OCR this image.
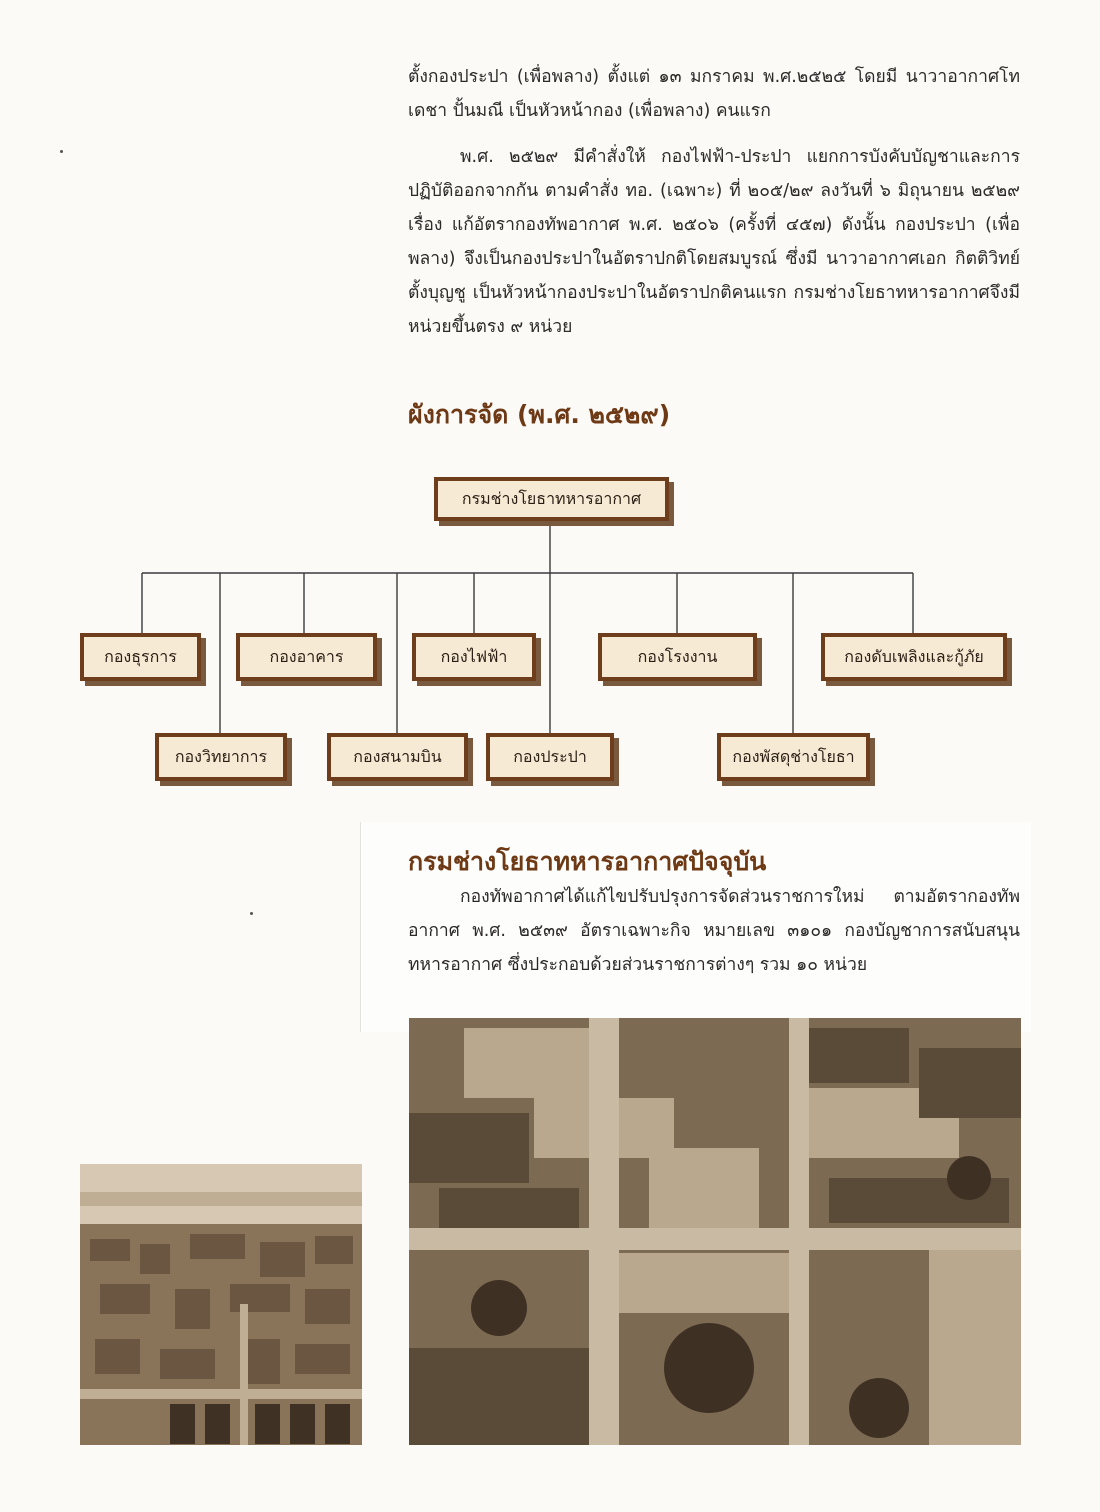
ตั้งกองประปา (เพื่อพลาง) ตั้งแต่ ๑๓ มกราคม พ.ศ.๒๕๒๕ โดยมี นาวาอากาศโท เดชา ปั้นมณี เป็นหัวหน้ากอง (เพื่อพลาง) คนแรก

พ.ศ. ๒๕๒๙ มีคำสั่งให้ กองไฟฟ้า-ประปา แยกการบังคับบัญชาและการปฏิบัติออกจากกัน ตามคำสั่ง ทอ. (เฉพาะ) ที่ ๒๐๕/๒๙ ลงวันที่ ๖ มิถุนายน ๒๕๒๙ เรื่อง แก้อัตรากองทัพอากาศ พ.ศ. ๒๕๐๖ (ครั้งที่ ๔๕๗) ดังนั้น กองประปา (เพื่อพลาง) จึงเป็นกองประปาในอัตราปกติโดยสมบูรณ์ ซึ่งมี นาวาอากาศเอก กิตติวิทย์ ตั้งบุญชู เป็นหัวหน้ากองประปาในอัตราปกติคนแรก กรมช่างโยธาทหารอากาศจึงมีหน่วยขึ้นตรง ๙ หน่วย

ผังการจัด (พ.ศ. ๒๕๒๙)
กรมช่างโยธาทหารอากาศ
กองธุรการ	กองอาคาร	กองไฟฟ้า	กองโรงงาน	กองดับเพลิงและกู้ภัย
กองวิทยาการ	กองสนามบิน	กองประปา	กองพัสดุช่างโยธา
กรมช่างโยธาทหารอากาศปัจจุบัน

กองทัพอากาศได้แก้ไขปรับปรุงการจัดส่วนราชการใหม่ ตามอัตรากองทัพอากาศ พ.ศ. ๒๕๓๙ อัตราเฉพาะกิจ หมายเลข ๓๑๐๑ กองบัญชาการสนับสนุนทหารอากาศ ซึ่งประกอบด้วยส่วนราชการต่างๆ รวม ๑๐ หน่วย
